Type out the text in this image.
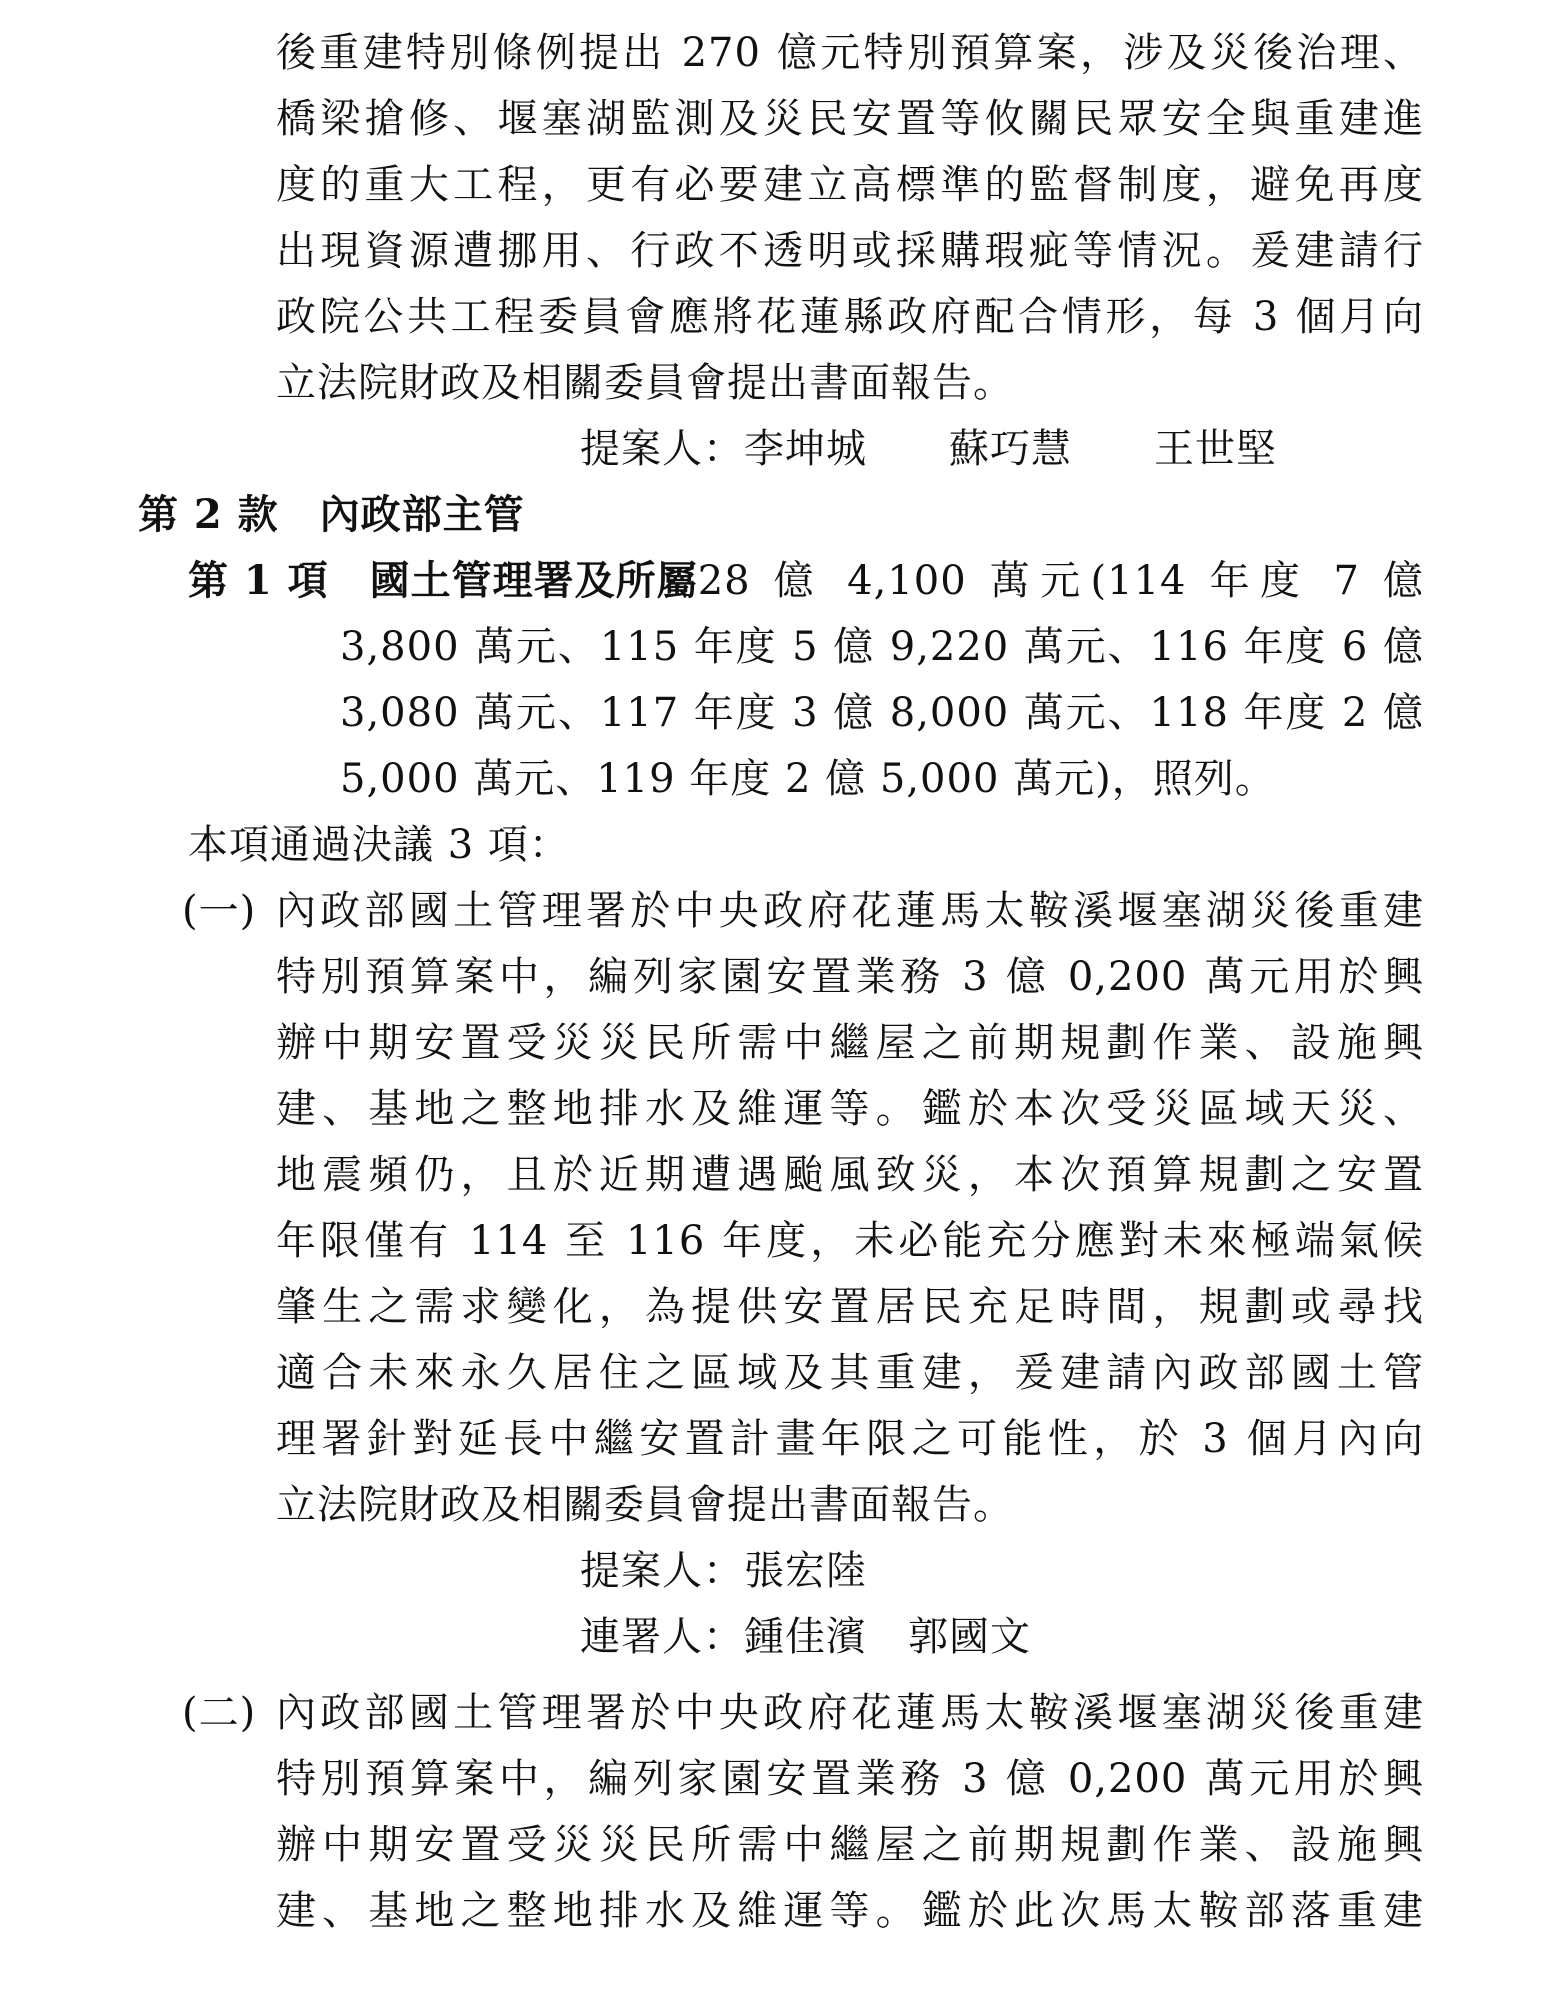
後重建特別條例提出 270 億元特別預算案，涉及災後治理、
橋梁搶修、堰塞湖監測及災民安置等攸關民眾安全與重建進
度的重大工程，更有必要建立高標準的監督制度，避免再度
出現資源遭挪用、行政不透明或採購瑕疵等情況。爰建請行
政院公共工程委員會應將花蓮縣政府配合情形，每 3 個月向
立法院財政及相關委員會提出書面報告。

提案人：李坤城　　蘇巧慧　　王世堅

第 2 款　內政部主管

第 1 項　國土管理署及所屬 28 億 4,100 萬元(114 年度 7 億
3,800 萬元、115 年度 5 億 9,220 萬元、116 年度 6 億
3,080 萬元、117 年度 3 億 8,000 萬元、118 年度 2 億
5,000 萬元、119 年度 2 億 5,000 萬元)，照列。

本項通過決議 3 項：

(一) 內政部國土管理署於中央政府花蓮馬太鞍溪堰塞湖災後重建
特別預算案中，編列家園安置業務 3 億 0,200 萬元用於興
辦中期安置受災災民所需中繼屋之前期規劃作業、設施興
建、基地之整地排水及維運等。鑑於本次受災區域天災、
地震頻仍，且於近期遭遇颱風致災，本次預算規劃之安置
年限僅有 114 至 116 年度，未必能充分應對未來極端氣候
肇生之需求變化，為提供安置居民充足時間，規劃或尋找
適合未來永久居住之區域及其重建，爰建請內政部國土管
理署針對延長中繼安置計畫年限之可能性，於 3 個月內向
立法院財政及相關委員會提出書面報告。

提案人：張宏陸

連署人：鍾佳濱　郭國文

(二) 內政部國土管理署於中央政府花蓮馬太鞍溪堰塞湖災後重建
特別預算案中，編列家園安置業務 3 億 0,200 萬元用於興
辦中期安置受災災民所需中繼屋之前期規劃作業、設施興
建、基地之整地排水及維運等。鑑於此次馬太鞍部落重建
